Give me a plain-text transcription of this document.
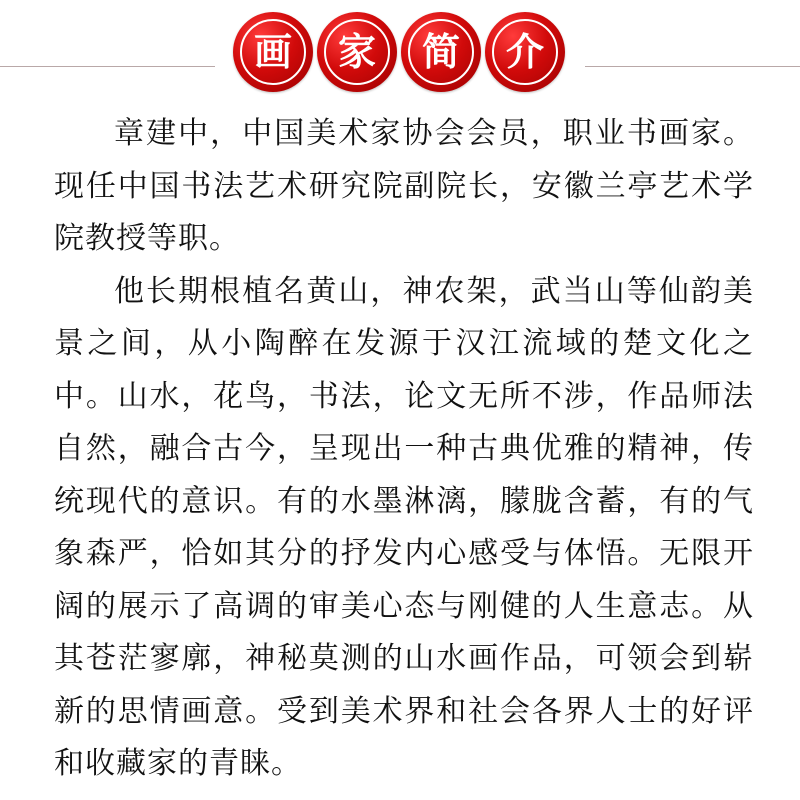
画 家 简 介

章建中，中国美术家协会会员，职业书画家。现任中国书法艺术研究院副院长，安徽兰亭艺术学院教授等职。

他长期根植名黄山，神农架，武当山等仙韵美景之间，从小陶醉在发源于汉江流域的楚文化之中。山水，花鸟，书法，论文无所不涉，作品师法自然，融合古今，呈现出一种古典优雅的精神，传统现代的意识。有的水墨淋漓，朦胧含蓄，有的气象森严，恰如其分的抒发内心感受与体悟。无限开阔的展示了高调的审美心态与刚健的人生意志。从其苍茫寥廓，神秘莫测的山水画作品，可领会到崭新的思情画意。受到美术界和社会各界人士的好评和收藏家的青睐。
